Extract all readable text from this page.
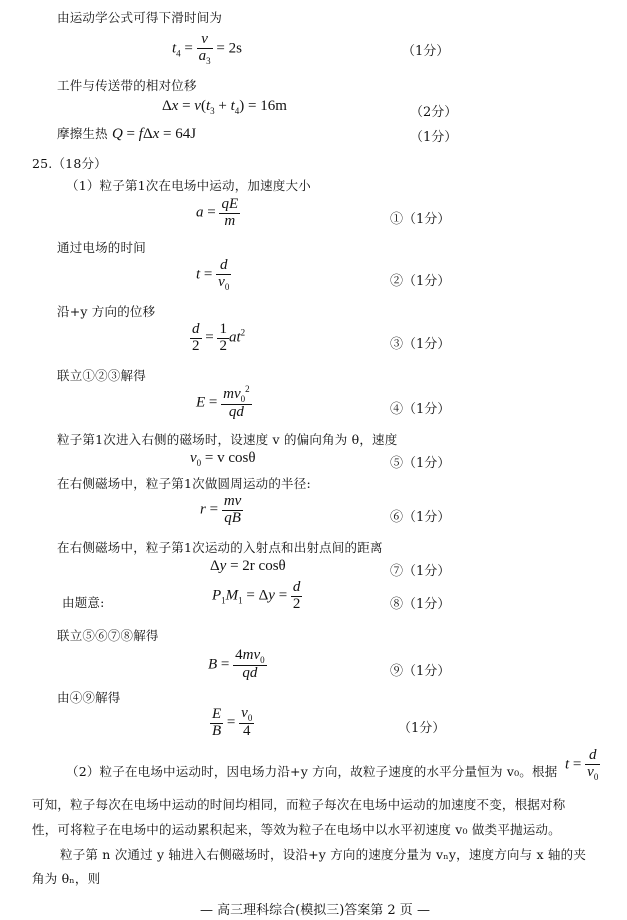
由运动学公式可得下滑时间为
$t_4 = \frac{v}{a_3} = 2s$	（1分）
工件与传送带的相对位移
$\Delta x = v(t_3 + t_4) = 16m$	（2分）
摩擦生热 Q = fΔx = 64J	（1分）
25.（18分）
（1）粒子第1次在电场中运动，加速度大小
$a = \frac{qE}{m}$	①（1分）
通过电场的时间
$t = \frac{d}{v_0}$	②（1分）
沿+y 方向的位移
$\frac{d}{2} = \frac{1}{2} at^2$
③（1分）
联立①②③解得
$E = \frac{mv_0^2}{qd}$	④（1分）
粒子第1次进入右侧的磁场时，设速度 v 的偏向角为 θ，速度
$v_0 = v$ cosθ	⑤（1分）
在右侧磁场中，粒子第1次做圆周运动的半径:
$r = \frac{mv}{qB}$	⑥（1分）
在右侧磁场中，粒子第1次运动的入射点和出射点间的距离
Δy = 2r cosθ	⑦（1分）
由题意:	$P_1M_1 = \Delta y = \frac{d}{2}$	⑧（1分）
联立⑤⑥⑦⑧解得
$B = \frac{4mv_0}{qd}$	⑨（1分）
由④⑨解得
$\frac{E}{B} = \frac{v_0}{4}$	（1分）
（2）粒子在电场中运动时，因电场力沿+y 方向，故粒子速度的水平分量恒为 v₀。根据 $t = \frac{d}{v_0}$
可知，粒子每次在电场中运动的时间均相同，而粒子每次在电场中运动的加速度不变，根据对称
性，可将粒子在电场中的运动累积起来，等效为粒子在电场中以水平初速度 v₀ 做类平抛运动。
粒子第 n 次通过 y 轴进入右侧磁场时，设沿+y 方向的速度分量为 vₙy，速度方向与 x 轴的夹
角为 θₙ，则
— 高三理科综合(模拟三)答案第 2 页 —
